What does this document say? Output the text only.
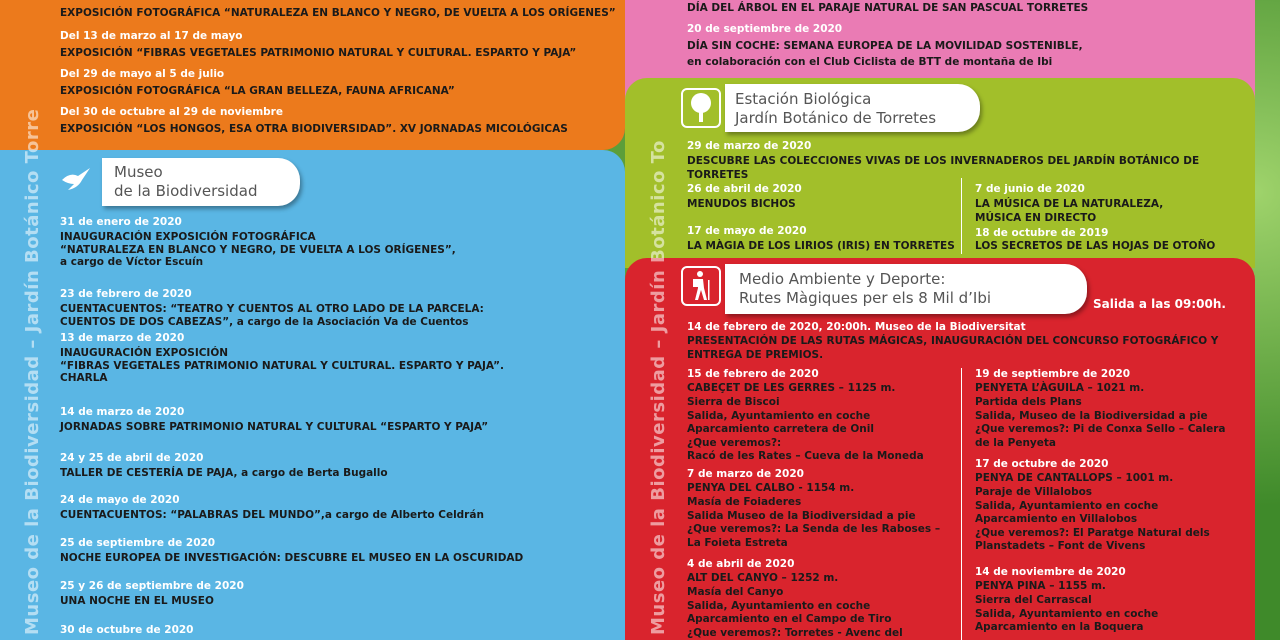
EXPOSICIÓN FOTOGRÁFICA “NATURALEZA EN BLANCO Y NEGRO, DE VUELTA A LOS ORÍGENES”
Del 13 de marzo al 17 de mayo
EXPOSICIÓN “FIBRAS VEGETALES PATRIMONIO NATURAL Y CULTURAL. ESPARTO Y PAJA”
Del 29 de mayo al 5 de julio
EXPOSICIÓN FOTOGRÁFICA “LA GRAN BELLEZA, FAUNA AFRICANA”
Del 30 de octubre al 29 de noviembre
EXPOSICIÓN “LOS HONGOS, ESA OTRA BIODIVERSIDAD”. XV JORNADAS MICOLÓGICAS
Museo
de la Biodiversidad
31 de enero de 2020
INAUGURACIÓN EXPOSICIÓN FOTOGRÁFICA
“NATURALEZA EN BLANCO Y NEGRO, DE VUELTA A LOS ORÍGENES”,
a cargo de Víctor Escuín
23 de febrero de 2020
CUENTACUENTOS: “TEATRO Y CUENTOS AL OTRO LADO DE LA PARCELA:
CUENTOS DE DOS CABEZAS”, a cargo de la Asociación Va de Cuentos
13 de marzo de 2020
INAUGURACIÓN EXPOSICIÓN
“FIBRAS VEGETALES PATRIMONIO NATURAL Y CULTURAL. ESPARTO Y PAJA”.
CHARLA
14 de marzo de 2020
JORNADAS SOBRE PATRIMONIO NATURAL Y CULTURAL “ESPARTO Y PAJA”
24 y 25 de abril de 2020
TALLER DE CESTERÍA DE PAJA, a cargo de Berta Bugallo
24 de mayo de 2020
CUENTACUENTOS: “PALABRAS DEL MUNDO”,a cargo de Alberto Celdrán
25 de septiembre de 2020
NOCHE EUROPEA DE INVESTIGACIÓN: DESCUBRE EL MUSEO EN LA OSCURIDAD
25 y 26 de septiembre de 2020
UNA NOCHE EN EL MUSEO
30 de octubre de 2020
Museo de la Biodiversidad – Jardín Botánico Torre
DÍA DEL ÁRBOL EN EL PARAJE NATURAL DE SAN PASCUAL TORRETES
20 de septiembre de 2020
DÍA SIN COCHE: SEMANA EUROPEA DE LA MOVILIDAD SOSTENIBLE,
en colaboración con el Club Ciclista de BTT de montaña de Ibi
Estación Biológica
Jardín Botánico de Torretes
29 de marzo de 2020
DESCUBRE LAS COLECCIONES VIVAS DE LOS INVERNADEROS DEL JARDÍN BOTÁNICO DE
TORRETES
26 de abril de 2020
MENUDOS BICHOS
7 de junio de 2020
LA MÚSICA DE LA NATURALEZA,
MÚSICA EN DIRECTO
17 de mayo de 2020
LA MÀGIA DE LOS LIRIOS (IRIS) EN TORRETES
18 de octubre de 2019
LOS SECRETOS DE LAS HOJAS DE OTOÑO
Medio Ambiente y Deporte:
Rutes Màgiques per els 8 Mil d’Ibi	Salida a las 09:00h.
14 de febrero de 2020, 20:00h. Museo de la Biodiversitat
PRESENTACIÓN DE LAS RUTAS MÁGICAS, INAUGURACIÓN DEL CONCURSO FOTOGRÁFICO Y
ENTREGA DE PREMIOS.
15 de febrero de 2020
CABEÇET DE LES GERRES – 1125 m.
Sierra de Biscoi
Salida, Ayuntamiento en coche
Aparcamiento carretera de Onil
¿Que veremos?:
Racó de les Rates – Cueva de la Moneda
7 de marzo de 2020
PENYA DEL CALBO - 1154 m.
Masía de Foiaderes
Salida Museo de la Biodiversidad a pie
¿Que veremos?: La Senda de les Raboses –
La Foieta Estreta
4 de abril de 2020
ALT DEL CANYO – 1252 m.
Masía del Canyo
Salida, Ayuntamiento en coche
Aparcamiento en el Campo de Tiro
¿Que veremos?: Torretes - Avenc del
19 de septiembre de 2020
PENYETA L’ÀGUILA – 1021 m.
Partida dels Plans
Salida, Museo de la Biodiversidad a pie
¿Que veremos?: Pi de Conxa Sello – Calera
de la Penyeta
17 de octubre de 2020
PENYA DE CANTALLOPS – 1001 m.
Paraje de Villalobos
Salida, Ayuntamiento en coche
Aparcamiento en Villalobos
¿Que veremos?: El Paratge Natural dels
Planstadets – Font de Vivens
14 de noviembre de 2020
PENYA PINA – 1155 m.
Sierra del Carrascal
Salida, Ayuntamiento en coche
Aparcamiento en la Boquera
Museo de la Biodiversidad – Jardín Botánico To
